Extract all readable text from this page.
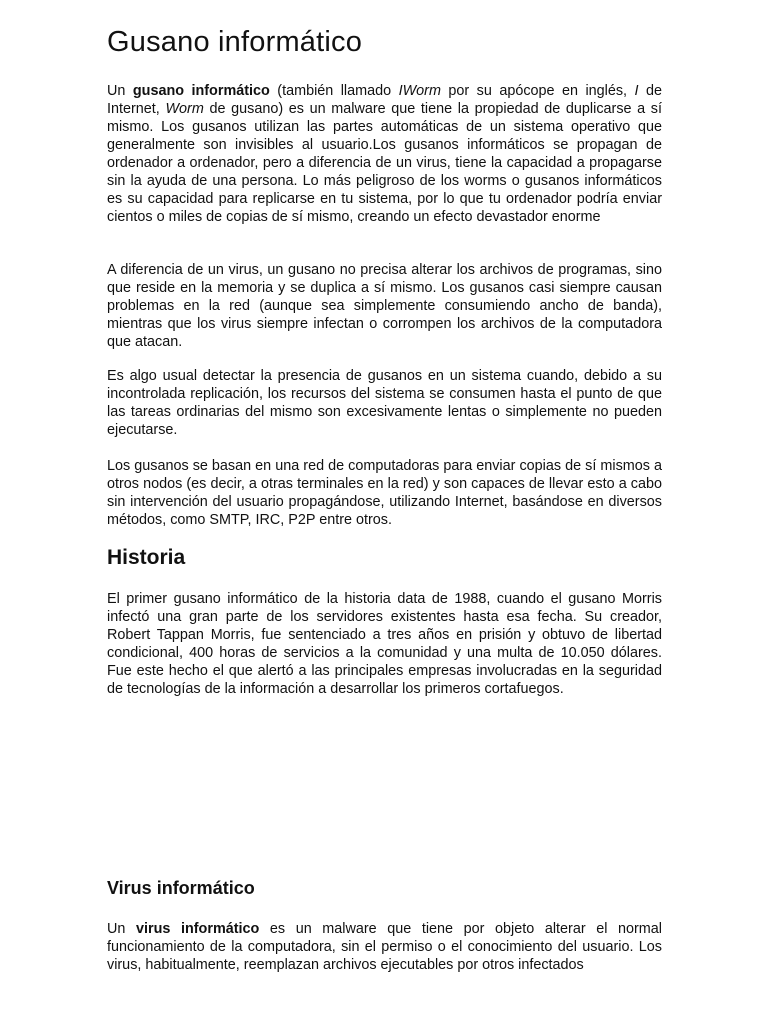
Gusano informático

Un gusano informático (también llamado IWorm por su apócope en inglés, I de Internet, Worm de gusano) es un malware que tiene la propiedad de duplicarse a sí mismo. Los gusanos utilizan las partes automáticas de un sistema operativo que generalmente son invisibles al usuario.Los gusanos informáticos se propagan de ordenador a ordenador, pero a diferencia de un virus, tiene la capacidad a propagarse sin la ayuda de una persona. Lo más peligroso de los worms o gusanos informáticos es su capacidad para replicarse en tu sistema, por lo que tu ordenador podría enviar cientos o miles de copias de sí mismo, creando un efecto devastador enorme

A diferencia de un virus, un gusano no precisa alterar los archivos de programas, sino que reside en la memoria y se duplica a sí mismo. Los gusanos casi siempre causan problemas en la red (aunque sea simplemente consumiendo ancho de banda), mientras que los virus siempre infectan o corrompen los archivos de la computadora que atacan.

Es algo usual detectar la presencia de gusanos en un sistema cuando, debido a su incontrolada replicación, los recursos del sistema se consumen hasta el punto de que las tareas ordinarias del mismo son excesivamente lentas o simplemente no pueden ejecutarse.

Los gusanos se basan en una red de computadoras para enviar copias de sí mismos a otros nodos (es decir, a otras terminales en la red) y son capaces de llevar esto a cabo sin intervención del usuario propagándose, utilizando Internet, basándose en diversos métodos, como SMTP, IRC, P2P entre otros.

Historia

El primer gusano informático de la historia data de 1988, cuando el gusano Morris infectó una gran parte de los servidores existentes hasta esa fecha. Su creador, Robert Tappan Morris, fue sentenciado a tres años en prisión y obtuvo de libertad condicional, 400 horas de servicios a la comunidad y una multa de 10.050 dólares. Fue este hecho el que alertó a las principales empresas involucradas en la seguridad de tecnologías de la información a desarrollar los primeros cortafuegos.

Virus informático

Un virus informático es un malware que tiene por objeto alterar el normal funcionamiento de la computadora, sin el permiso o el conocimiento del usuario. Los virus, habitualmente, reemplazan archivos ejecutables por otros infectados
